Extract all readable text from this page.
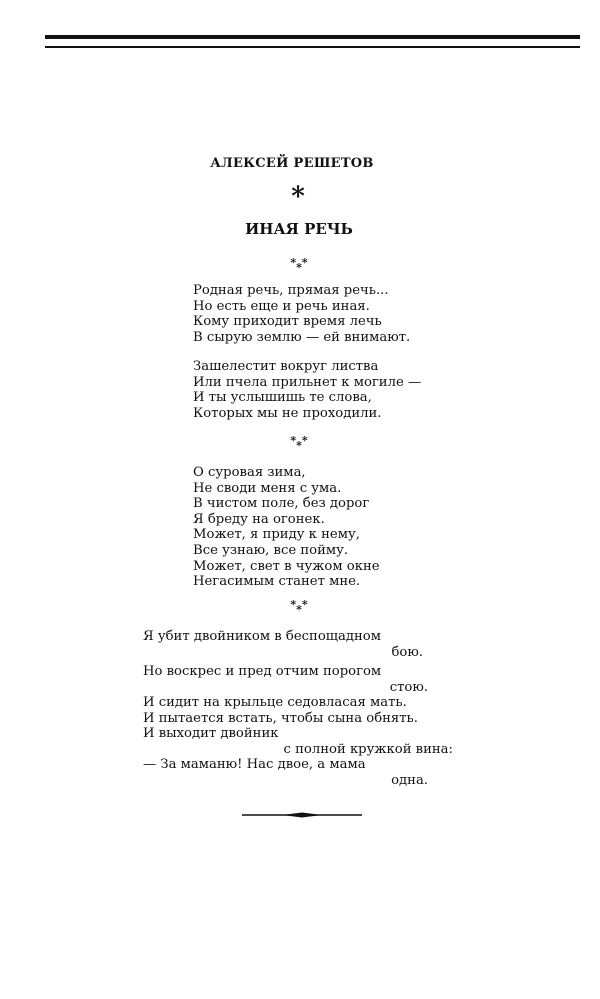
АЛЕКСЕЙ РЕШЕТОВ
*
ИНАЯ РЕЧЬ
***
Родная речь, прямая речь...
Но есть еще и речь иная.
Кому приходит время лечь
В сырую землю — ей внимают.
Зашелестит вокруг листва
Или пчела прильнет к могиле —
И ты услышишь те слова,
Которых мы не проходили.
***
О суровая зима,
Не своди меня с ума.
В чистом поле, без дорог
Я бреду на огонек.
Может, я приду к нему,
Все узнаю, все пойму.
Может, свет в чужом окне
Негасимым станет мне.
***
Я убит двойником в беспощадном
бою.
Но воскрес и пред отчим порогом
стою.
И сидит на крыльце седовласая мать.
И пытается встать, чтобы сына обнять.
И выходит двойник
с полной кружкой вина:
— За маманю! Нас двое, а мама
одна.
